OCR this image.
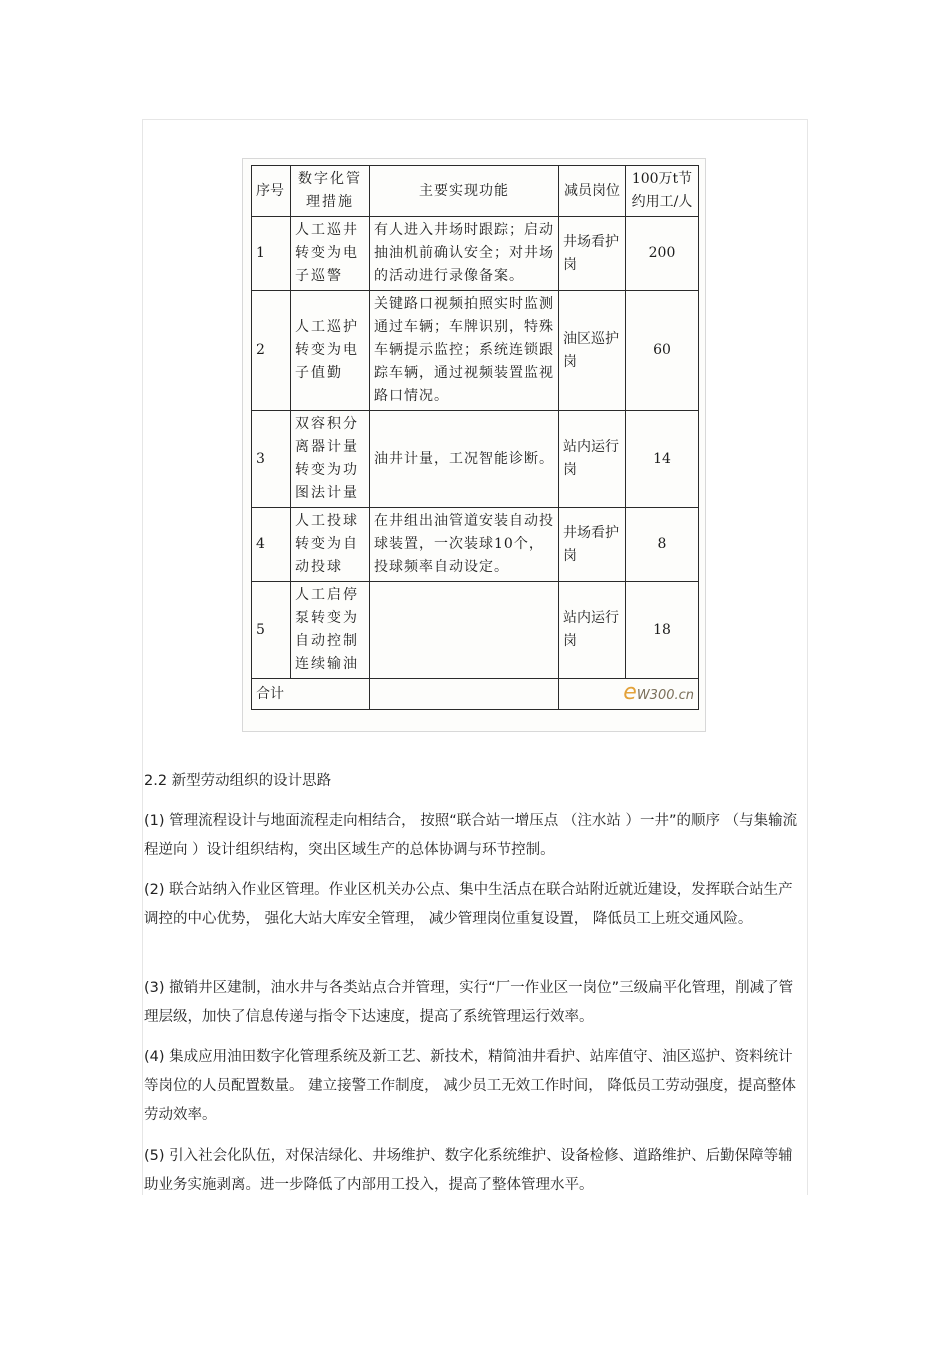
序号	数字化管理措施	主要实现功能	减员岗位	100万t节约用工/人
1	人工巡井转变为电子巡警	有人进入井场时跟踪；启动抽油机前确认安全；对井场的活动进行录像备案。	井场看护岗	200
2	人工巡护转变为电子值勤	关键路口视频拍照实时监测通过车辆；车牌识别，特殊车辆提示监控；系统连锁跟踪车辆，通过视频装置监视路口情况。	油区巡护岗	60
3	双容积分离器计量转变为功图法计量	油井计量，工况智能诊断。	站内运行岗	14
4	人工投球转变为自动投球	在井组出油管道安装自动投球装置，一次装球10个，投球频率自动设定。	井场看护岗	8
5	人工启停泵转变为自动控制连续输油		站内运行岗	18
合计			eW300.cn	

2.2 新型劳动组织的设计思路

(1) 管理流程设计与地面流程走向相结合， 按照“联合站一增压点 （注水站 ）一井”的顺序 （与集输流程逆向 ）设计组织结构，突出区域生产的总体协调与环节控制。

(2) 联合站纳入作业区管理。作业区机关办公点、集中生活点在联合站附近就近建设，发挥联合站生产调控的中心优势， 强化大站大库安全管理， 减少管理岗位重复设置， 降低员工上班交通风险。

(3) 撤销井区建制，油水井与各类站点合并管理，实行“厂一作业区一岗位”三级扁平化管理，削减了管理层级，加快了信息传递与指令下达速度，提高了系统管理运行效率。

(4) 集成应用油田数字化管理系统及新工艺、新技术，精简油井看护、站库值守、油区巡护、资料统计等岗位的人员配置数量。 建立接警工作制度， 减少员工无效工作时间， 降低员工劳动强度，提高整体劳动效率。

(5) 引入社会化队伍，对保洁绿化、井场维护、数字化系统维护、设备检修、道路维护、后勤保障等辅助业务实施剥离。进一步降低了内部用工投入，提高了整体管理水平。
